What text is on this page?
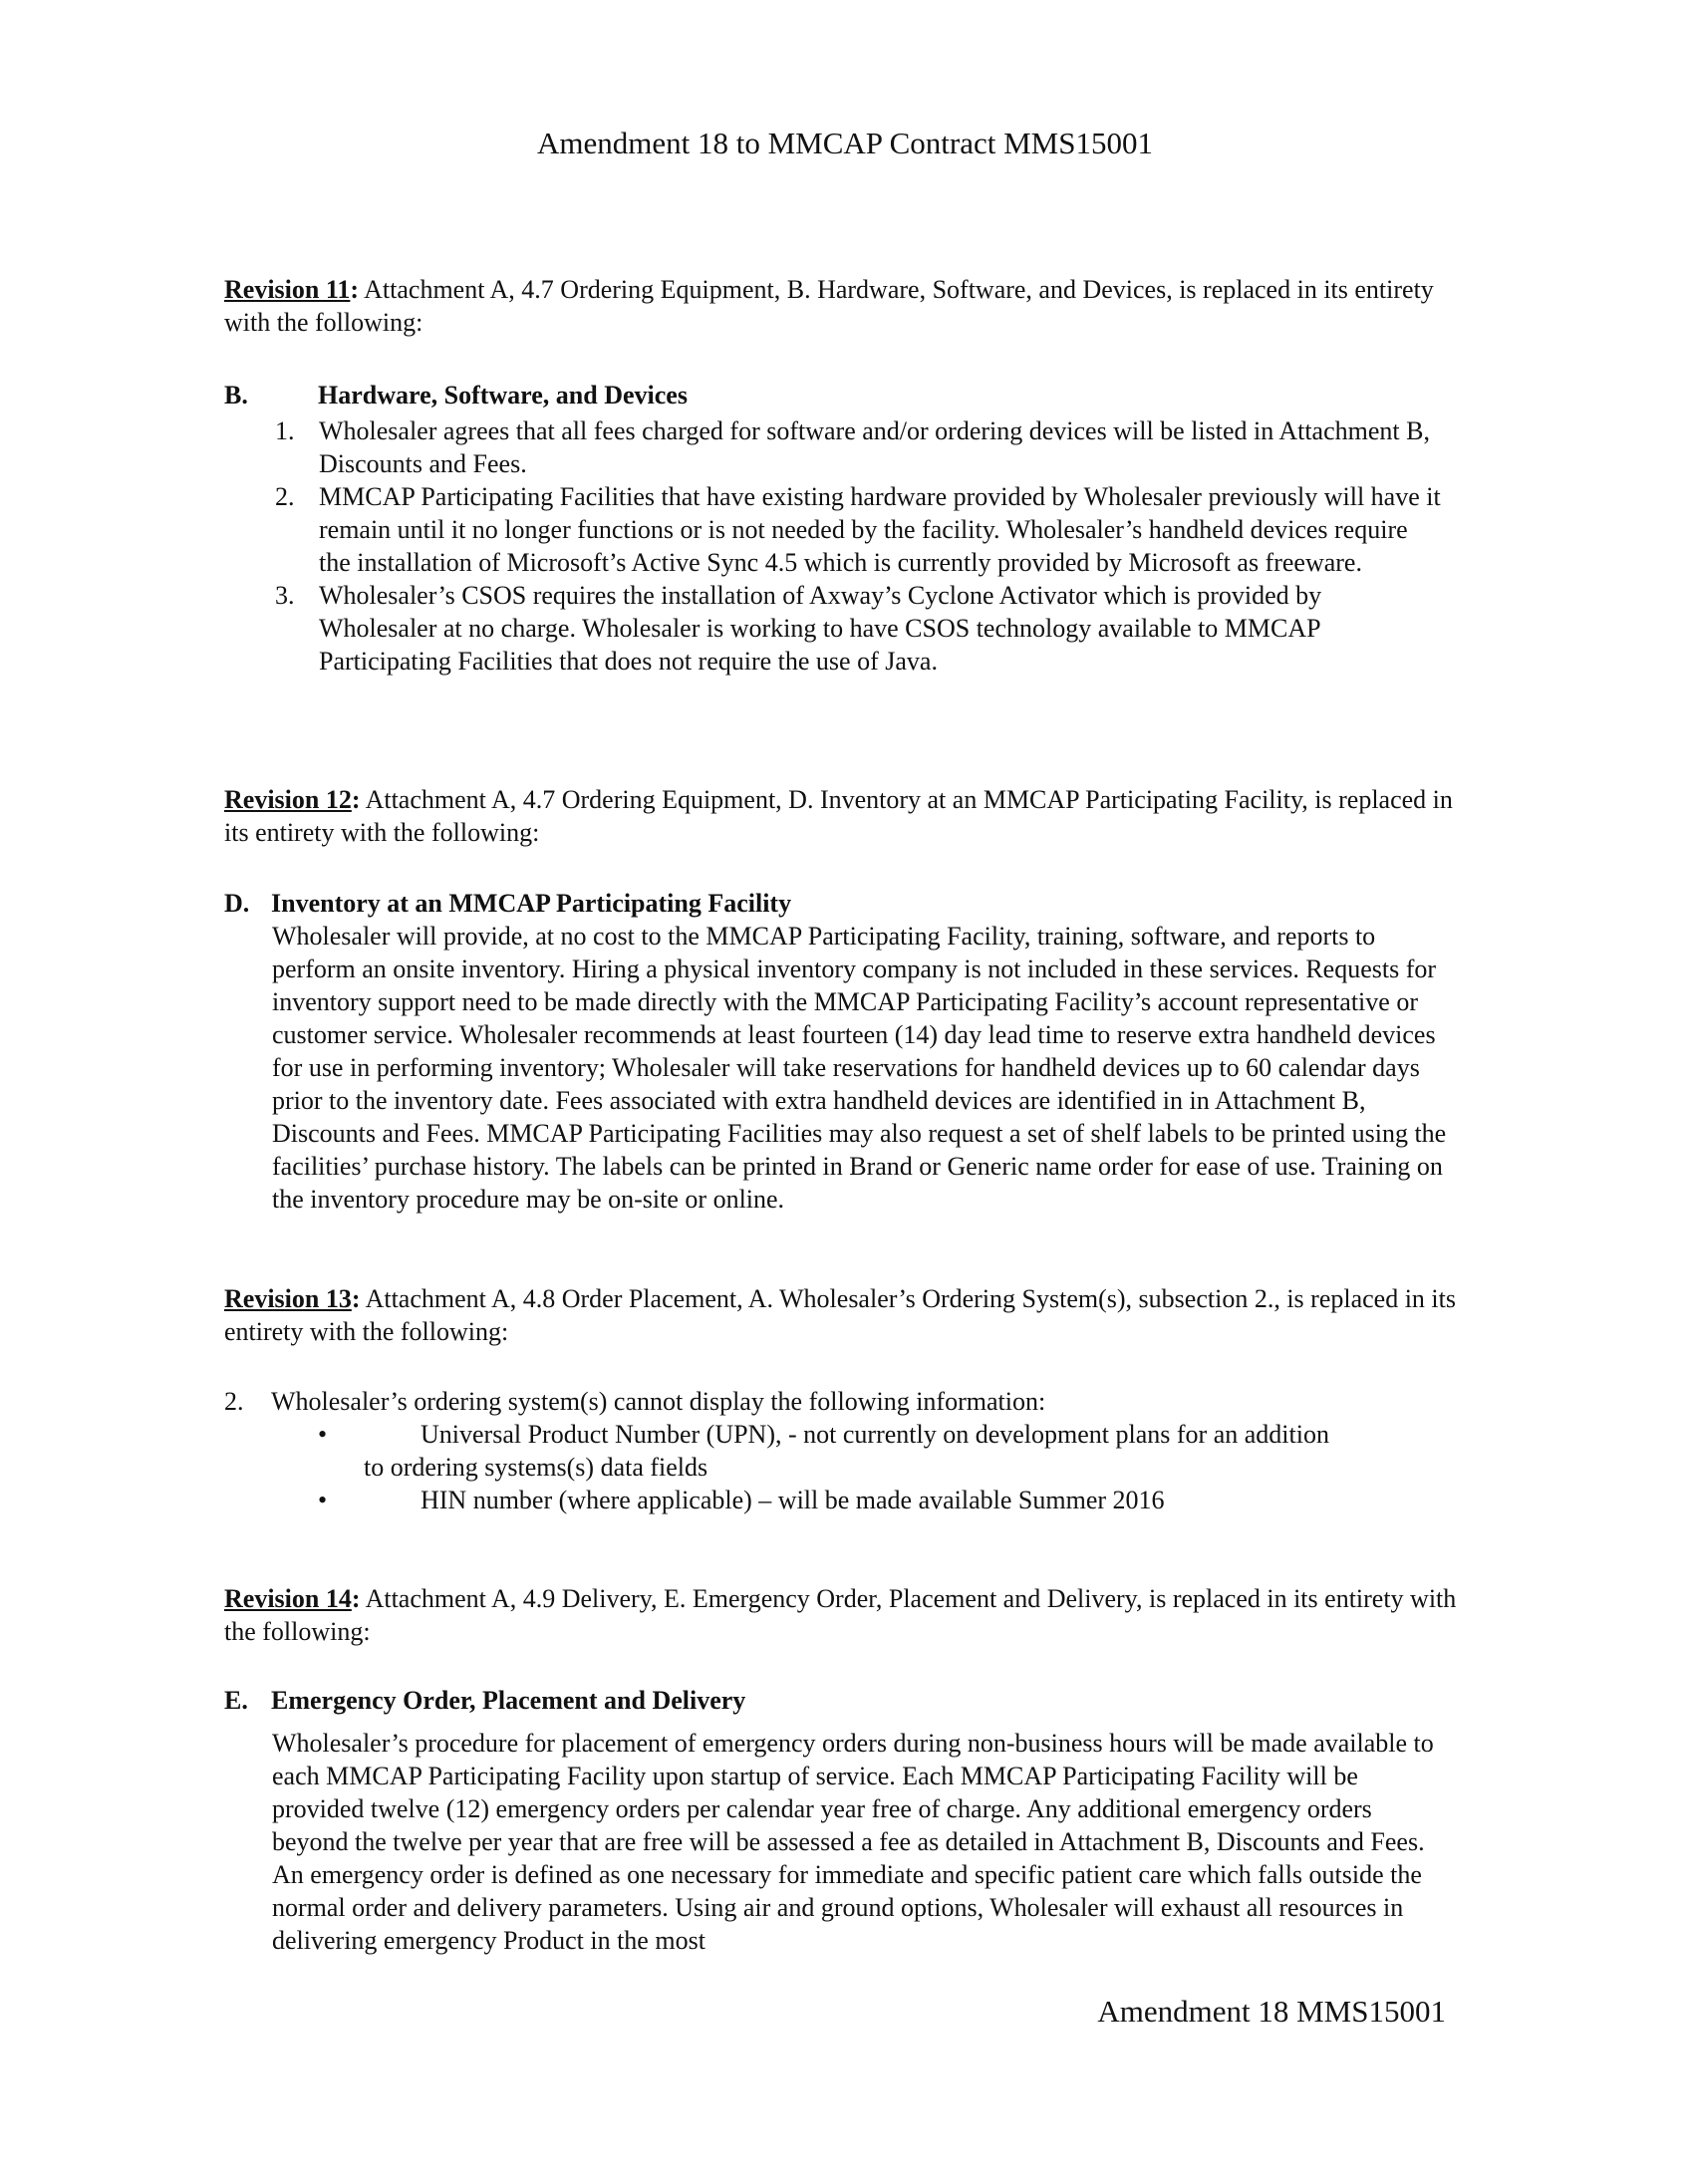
Amendment 18 to MMCAP Contract MMS15001
Revision 11: Attachment A, 4.7 Ordering Equipment, B. Hardware, Software, and Devices, is replaced in its entirety with the following:
B.	Hardware, Software, and Devices
1. Wholesaler agrees that all fees charged for software and/or ordering devices will be listed in Attachment B, Discounts and Fees.
2. MMCAP Participating Facilities that have existing hardware provided by Wholesaler previously will have it remain until it no longer functions or is not needed by the facility. Wholesaler’s handheld devices require the installation of Microsoft’s Active Sync 4.5 which is currently provided by Microsoft as freeware.
3. Wholesaler’s CSOS requires the installation of Axway’s Cyclone Activator which is provided by Wholesaler at no charge. Wholesaler is working to have CSOS technology available to MMCAP Participating Facilities that does not require the use of Java.
Revision 12: Attachment A, 4.7 Ordering Equipment, D. Inventory at an MMCAP Participating Facility, is replaced in its entirety with the following:
D. Inventory at an MMCAP Participating Facility
Wholesaler will provide, at no cost to the MMCAP Participating Facility, training, software, and reports to perform an onsite inventory. Hiring a physical inventory company is not included in these services. Requests for inventory support need to be made directly with the MMCAP Participating Facility’s account representative or customer service. Wholesaler recommends at least fourteen (14) day lead time to reserve extra handheld devices for use in performing inventory; Wholesaler will take reservations for handheld devices up to 60 calendar days prior to the inventory date. Fees associated with extra handheld devices are identified in in Attachment B, Discounts and Fees. MMCAP Participating Facilities may also request a set of shelf labels to be printed using the facilities’ purchase history. The labels can be printed in Brand or Generic name order for ease of use. Training on the inventory procedure may be on-site or online.
Revision 13: Attachment A, 4.8 Order Placement, A. Wholesaler’s Ordering System(s), subsection 2., is replaced in its entirety with the following:
2. Wholesaler’s ordering system(s) cannot display the following information:
•	Universal Product Number (UPN), - not currently on development plans for an addition
to ordering systems(s) data fields
•	HIN number (where applicable) – will be made available Summer 2016
Revision 14: Attachment A, 4.9 Delivery, E. Emergency Order, Placement and Delivery, is replaced in its entirety with the following:
E. Emergency Order, Placement and Delivery
Wholesaler’s procedure for placement of emergency orders during non-business hours will be made available to each MMCAP Participating Facility upon startup of service. Each MMCAP Participating Facility will be provided twelve (12) emergency orders per calendar year free of charge. Any additional emergency orders beyond the twelve per year that are free will be assessed a fee as detailed in Attachment B, Discounts and Fees. An emergency order is defined as one necessary for immediate and specific patient care which falls outside the normal order and delivery parameters. Using air and ground options, Wholesaler will exhaust all resources in delivering emergency Product in the most
Amendment 18 MMS15001
